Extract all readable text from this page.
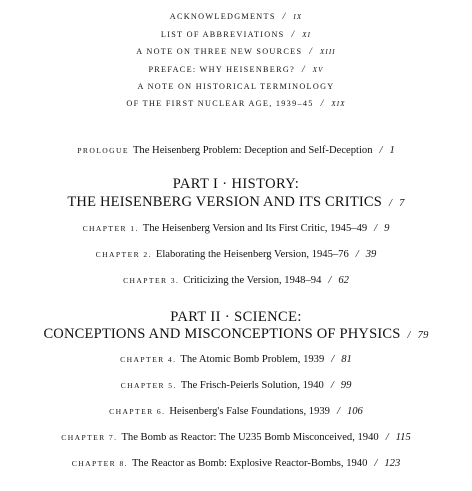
ACKNOWLEDGMENTS / ix
LIST OF ABBREVIATIONS / xi
A NOTE ON THREE NEW SOURCES / xiii
PREFACE: WHY HEISENBERG? / xv
A NOTE ON HISTORICAL TERMINOLOGY
OF THE FIRST NUCLEAR AGE, 1939–45 / xix
PROLOGUE The Heisenberg Problem: Deception and Self-Deception / 1
PART I · HISTORY:
THE HEISENBERG VERSION AND ITS CRITICS / 7
CHAPTER 1. The Heisenberg Version and Its First Critic, 1945–49 / 9
CHAPTER 2. Elaborating the Heisenberg Version, 1945–76 / 39
CHAPTER 3. Criticizing the Version, 1948–94 / 62
PART II · SCIENCE:
CONCEPTIONS AND MISCONCEPTIONS OF PHYSICS / 79
CHAPTER 4. The Atomic Bomb Problem, 1939 / 81
CHAPTER 5. The Frisch-Peierls Solution, 1940 / 99
CHAPTER 6. Heisenberg's False Foundations, 1939 / 106
CHAPTER 7. The Bomb as Reactor: The U235 Bomb Misconceived, 1940 / 115
CHAPTER 8. The Reactor as Bomb: Explosive Reactor-Bombs, 1940 / 123
